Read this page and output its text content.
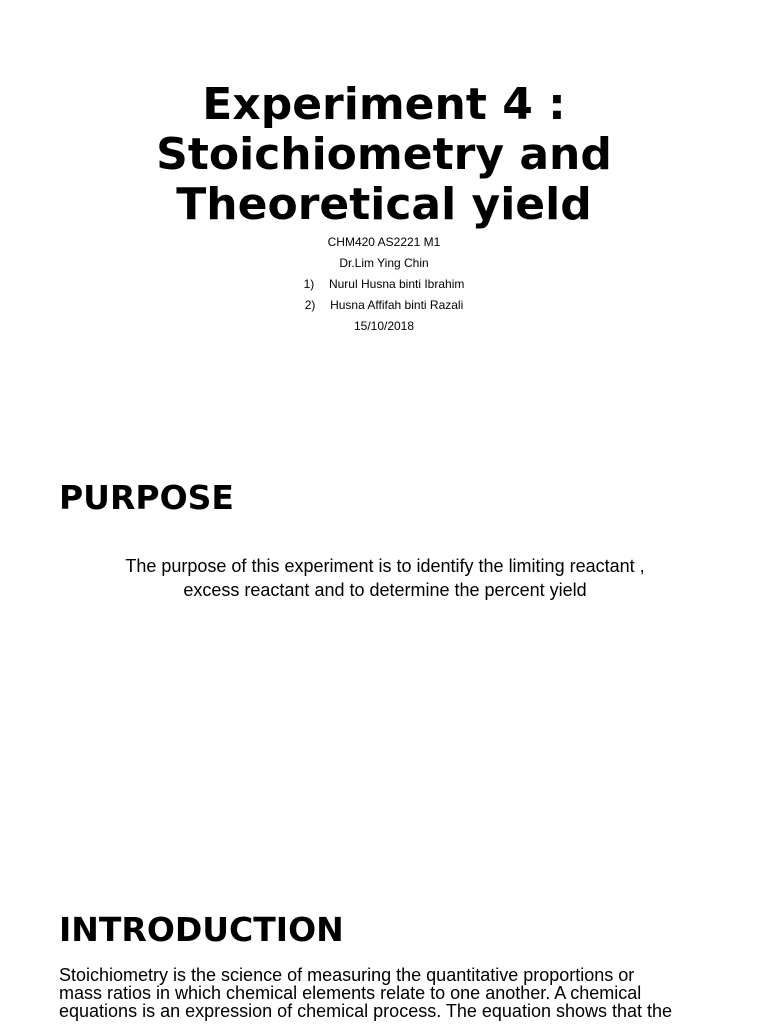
Experiment 4 :
Stoichiometry and
Theoretical yield
CHM420 AS2221 M1
Dr.Lim Ying Chin
1) Nurul Husna binti Ibrahim
2) Husna Affifah binti Razali
15/10/2018
PURPOSE

The purpose of this experiment is to identify the limiting reactant ,
excess reactant and to determine the percent yield

INTRODUCTION

Stoichiometry is the science of measuring the quantitative proportions or
mass ratios in which chemical elements relate to one another. A chemical
equations is an expression of chemical process. The equation shows that the
